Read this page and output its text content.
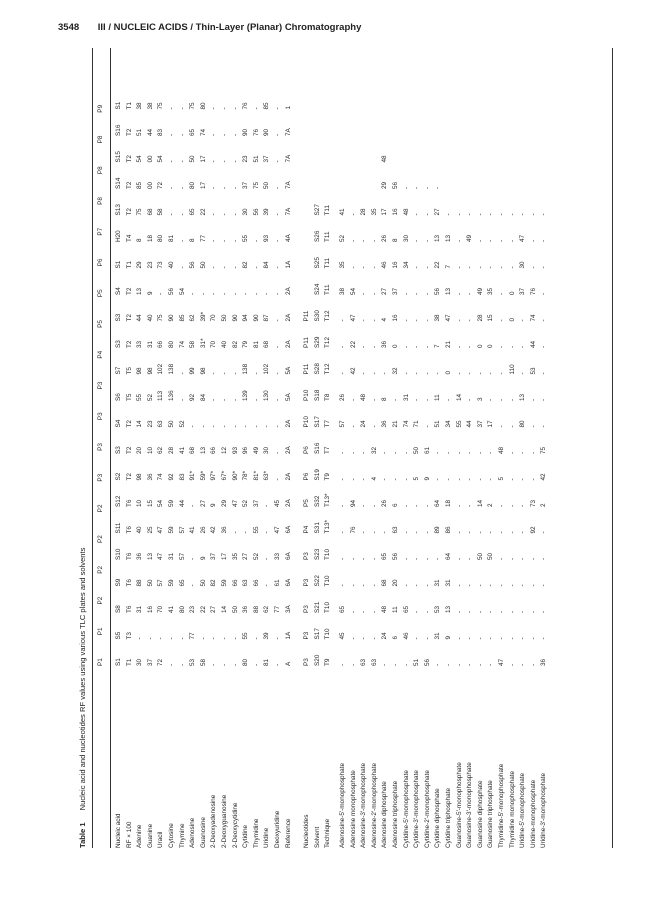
3548 III / NUCLEIC ACIDS / Thin-Layer (Planar) Chromatography
Table 1Nucleic acid and nucleotides RF values using various TLC plates and solvents P1
P1
P2
P2
P2
P2
P3
P3
P3
P3
P4
P5
P5
P6
P7
P8
P8
P8
P9
Nucleic acid
S1
S5
S8
S9
S10
S11
S12
S2
S3
S4
S6
S7
S3
S3
S4
S1
H20
S13
S14
S15
S16
S1
RF × 100
T1
T3
T6
T6
T6
T6
T6
T2
T2
T2
T5
T5
T2
T2
T2
T1
T4
T2
T2
T2
T2
T1
Adenine
30
-
31
88
36
40
10
98
20
14
55
98
33
44
13
29
8
75
85
54
51
38
Guanine
37
-
16
50
13
25
15
36
10
23
52
98
31
40
9
23
18
68
00
00
44
38
Uracil
72
-
70
57
47
47
54
74
62
63
113
102
66
75
-
73
80
58
72
54
83
75
Cytosine
-
-
41
59
31
59
59
92
28
50
136
138
80
90
56
40
81
-
-
-
-
-
Thymine
-
-
80
65
57
57
44
83
41
52
-
-
74
85
54
-
-
-
-
-
-
-
Adenosine
53
77
23
-
-
41
-
91*
68
-
92
99
58
62
-
56
8
65
80
50
65
75
Guanosine
58
-
22
50
9
26
27
59*
13
-
84
98
31*
39*
-
50
77
22
17
17
74
80
2-Deoxyadenosine
-
-
27
82
37
42
9
97*
66
-
-
-
70
70
-
-
-
-
-
-
-
-
2-Deoxyguanosine
-
-
14
59
17
36
29
67*
12
-
-
-
40
50
-
-
-
-
-
-
-
-
2-Deoxycytidine
-
-
50
66
35
-
47
90*
93
-
-
-
82
90
-
-
-
-
-
-
-
-
Cytidine
80
55
36
63
27
-
52
78*
96
-
139
138
79
94
-
82
55
30
37
23
90
76
Thymidine
-
-
88
66
52
55
37
81*
49
-
-
-
81
90
-
-
-
56
75
51
76
-
Uridine
81
39
62
-
-
-
-
63*
30
-
130
102
68
87
-
84
93
39
50
37
90
85
Deoxyuridine
-
-
77
61
33
47
45
-
-
-
-
-
-
-
-
-
-
-
-
-
-
-
Reference
A
1A
3A
6A
6A
6A
2A
2A
2A
2A
5A
5A
2A
2A
2A
1A
4A
7A
7A
7A
7A
1
Nucleotides
P3
P3
P3
P3
P3
P4
P5
P6
P6
P10
P10
P11
P11
P11
Solvent
S20
S17
S21
S22
S23
S31
S32
S19
S16
S17
S18
S28
S29
S30
S24
S25
S26
S27
Technique
T9
T10
T10
T10
T10
T13*
T13*
T9
T7
T7
T8
T12
T12
T12
T11
T11
T11
T11
Adenosine-5′-monophosphate
-
45
65
-
-
-
-
-
-
57
26
-
-
-
38
35
52
41
Adenosine monophosphate
-
-
-
-
-
76
94
-
-
-
-
42
22
47
54
-
-
-
Adenosine-3′-monophosphate
63
-
-
-
-
-
-
-
-
24
48
-
-
-
-
-
-
28
Adenosine-2′-monophosphate
63
-
-
-
-
-
-
4
32
-
-
-
-
-
-
-
-
35
Adenosine diphosphate
-
24
48
68
65
-
26
-
-
36
8
-
36
4
27
46
26
17
29
48
Adenosine triphosphate
-
6
11
20
56
63
6
-
-
21
-
32
0
16
37
16
8
16
56
Cytidine-5′-monophosphate
-
46
65
-
-
-
-
-
-
74
31
-
-
-
-
34
30
48
-
Cytidine-3′-monophosphate
51
-
-
-
-
-
-
5
50
71
-
-
-
-
-
-
-
-
-
Cytidine-2′-monophosphate
56
-
-
-
-
-
-
9
61
-
-
-
-
-
-
-
-
-
-
Cytidine diphosphate
-
31
53
31
-
89
64
-
-
51
11
-
7
38
56
22
13
27
-
Cytidine triphosphate
-
9
13
31
64
86
18
-
-
34
-
0
21
47
13
7
13
-
Guanosine-5′-monophosphate
-
-
-
-
-
-
-
-
-
55
14
-
-
-
-
-
-
-
Guanosine-3′-monophosphate
-
-
-
-
-
-
-
-
-
44
-
-
-
-
-
-
49
-
Guanosine diphosphate
-
-
-
-
50
-
14
-
-
37
3
-
0
28
49
-
-
-
Guanosine triphosphate
-
-
-
-
50
-
2
-
-
17
-
-
0
15
35
-
-
-
Thymidine-5′-monophosphate
47
-
-
-
-
-
-
5
48
-
-
-
-
-
-
-
-
-
Thymidine monophosphate
-
-
-
-
-
-
-
-
-
-
-
110
-
0
0
-
-
-
Uridine-5′-monophosphate
-
-
-
-
-
-
-
-
-
80
13
-
-
-
37
30
47
-
Uridine-monophosphate
-
-
-
-
-
92
73
-
-
-
-
53
44
74
76
-
-
-
Uridine-3′-monophosphate
36
-
-
-
-
-
2
42
75
-
-
-
-
-
-
-
-
-
